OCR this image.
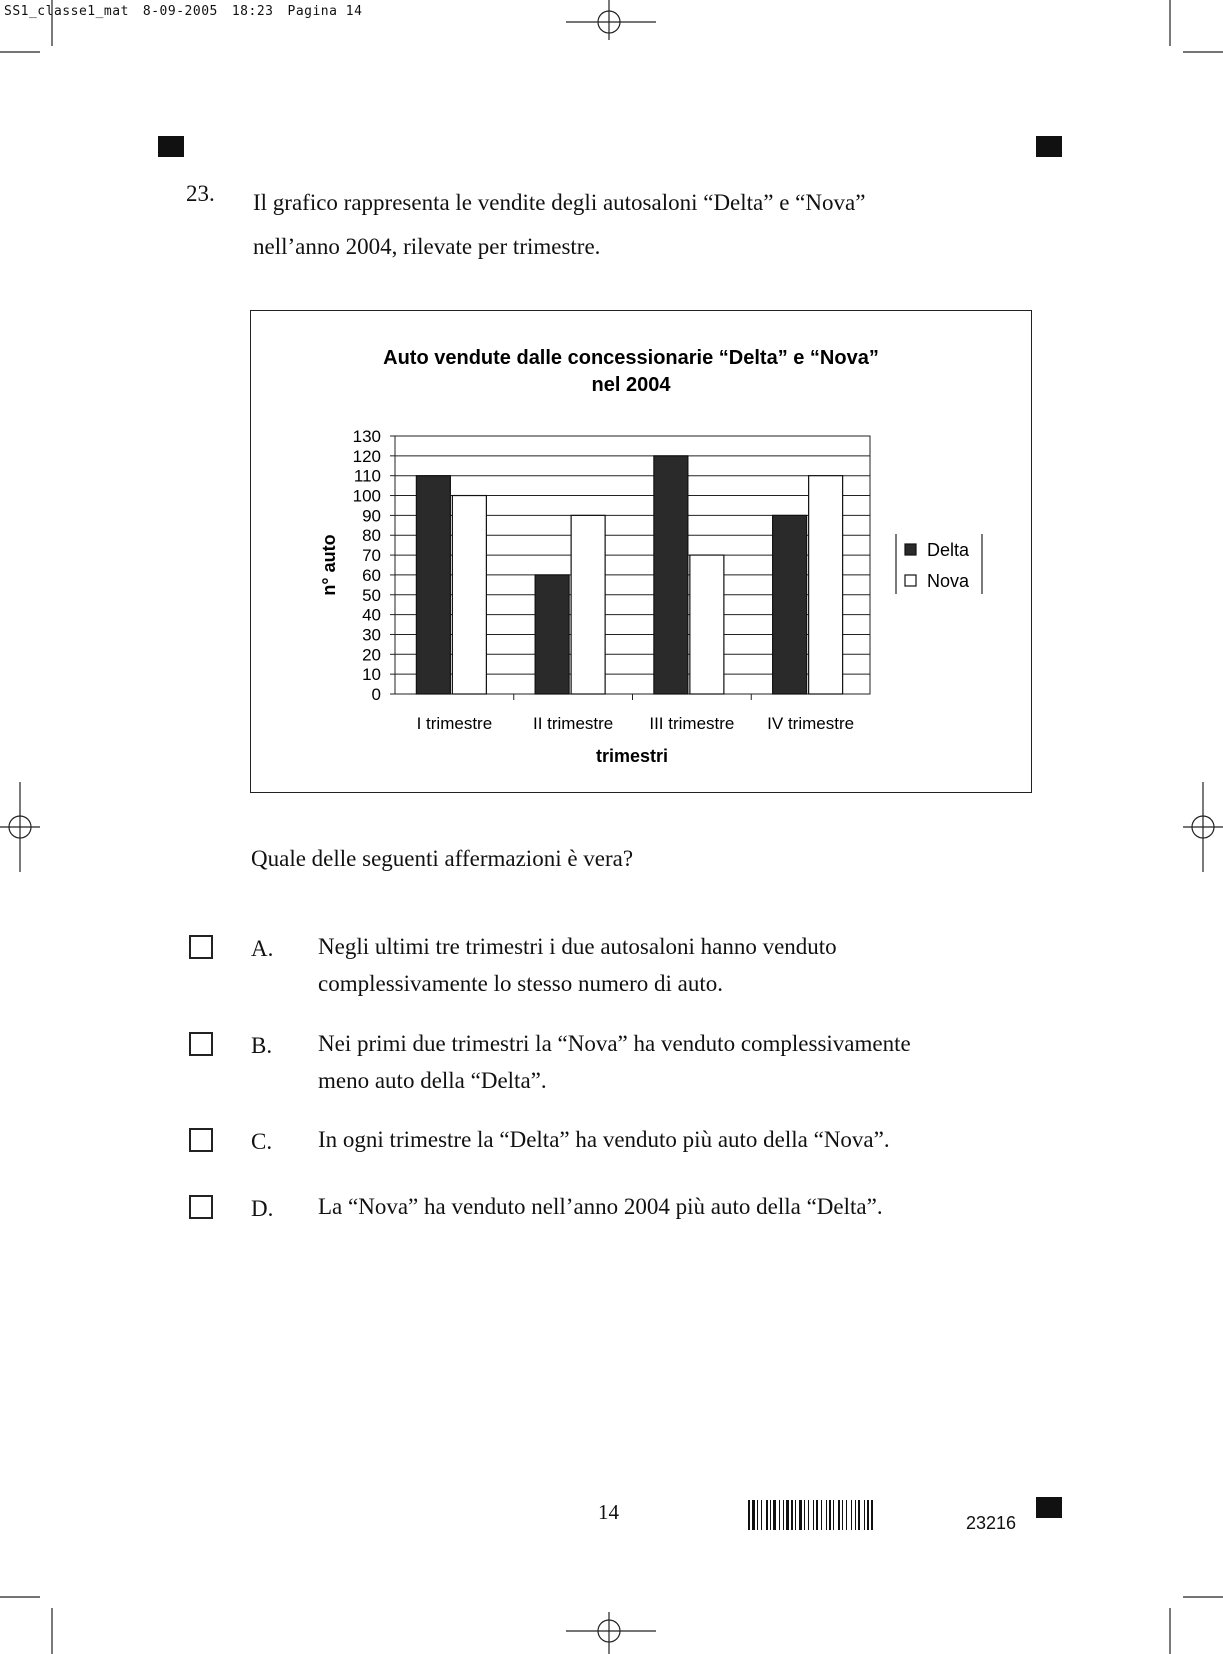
SS1_classe1_mat 8-09-2005 18:23 Pagina 14
23. Il grafico rappresenta le vendite degli autosaloni “Delta” e “Nova”
nell’anno 2004, rilevate per trimestre.
Auto vendute dalle concessionarie “Delta” e “Nova”
nel 2004
0
10
20
30
40
50
60
70
80
90
100
110
120
130
I trimestre II trimestre III trimestre IV trimestre
trimestri
n° auto	Delta
Nova
Quale delle seguenti affermazioni è vera?
A. Negli ultimi tre trimestri i due autosaloni hanno venduto
complessivamente lo stesso numero di auto.
B. Nei primi due trimestri la “Nova” ha venduto complessivamente
meno auto della “Delta”.
C. In ogni trimestre la “Delta” ha venduto più auto della “Nova”.
D. La “Nova” ha venduto nell’anno 2004 più auto della “Delta”.
14	23216
